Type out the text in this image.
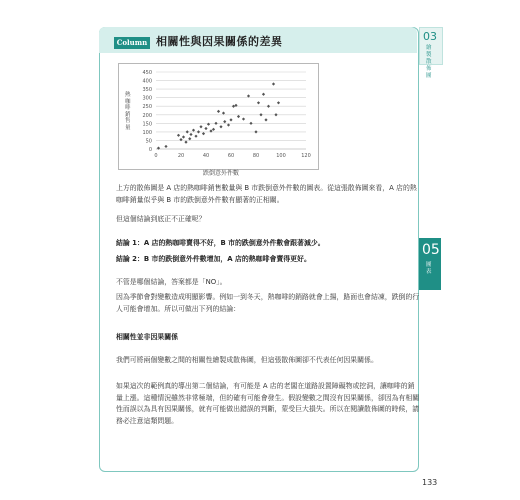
Column 相關性與因果關係的差異	03
繪製散佈圖
05
圖表
0
50
100
150
200
250
300
350
400
450
0	20	40	60	80	100	120
熱咖啡銷售量
跌倒意外件數
上方的散佈圖是 A 店的熱咖啡銷售數量與 B 市跌倒意外件數的圖表。從這張散佈圖來看，A 店的熱咖啡銷量似乎與 B 市的跌倒意外件數有顯著的正相關。
但這個結論到底正不正確呢？
結論 1：A 店的熱咖啡賣得不好，B 市的跌倒意外件數會跟著減少。
結論 2：B 市的跌倒意外件數增加，A 店的熱咖啡會賣得更好。
不管是哪個結論，答案都是「NO」。
因為季節會對變數造成明顯影響。例如一到冬天，熱咖啡的銷路就會上揚，路面也會結凍，跌倒的行人可能會增加。所以可做出下列的結論：
相關性並非因果關係
我們可將兩個變數之間的相關性繪製成散佈圖，但這張散佈圖卻不代表任何因果關係。
如果這次的範例真的導出第二個結論，有可能是 A 店的老闆在道路設置障礙物或挖洞，讓咖啡的銷量上漲。這種情況雖然非常極端，但的確有可能會發生。假設變數之間沒有因果關係，卻因為有相關性而誤以為具有因果關係，就有可能做出錯誤的判斷，蒙受巨大損失。所以在閱讀散佈圖的時候，請務必注意這類問題。
133
